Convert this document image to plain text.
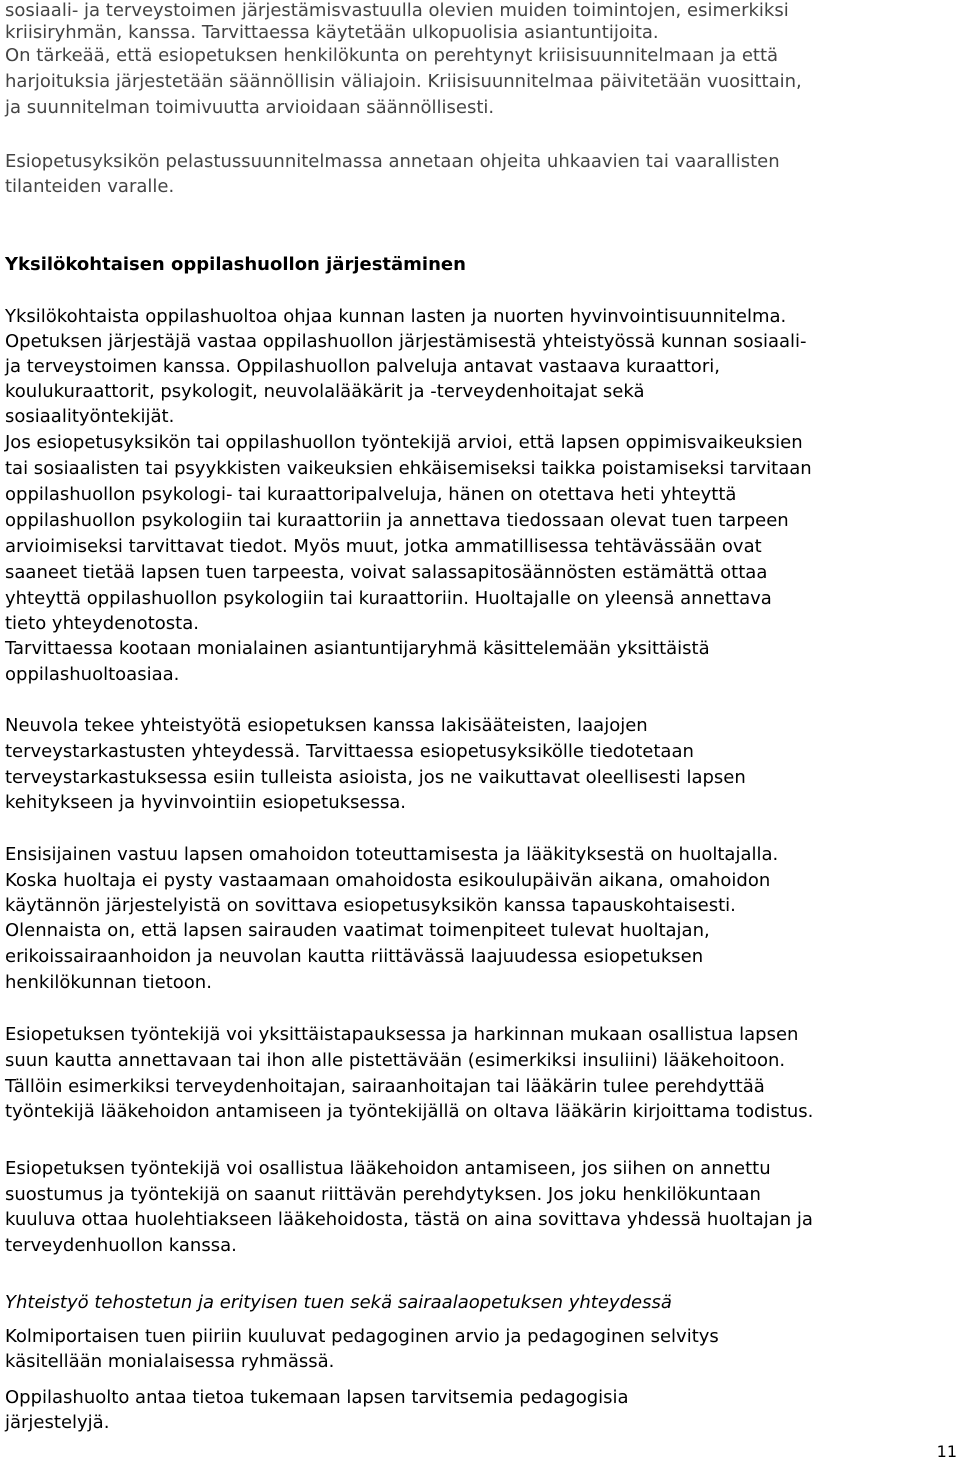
sosiaali- ja terveystoimen järjestämisvastuulla olevien muiden toimintojen, esimerkiksi

kriisiryhmän, kanssa. Tarvittaessa käytetään ulkopuolisia asiantuntijoita.

On tärkeää, että esiopetuksen henkilökunta on perehtynyt kriisisuunnitelmaan ja että

harjoituksia järjestetään säännöllisin väliajoin. Kriisisuunnitelmaa päivitetään vuosittain,

ja suunnitelman toimivuutta arvioidaan säännöllisesti.

Esiopetusyksikön pelastussuunnitelmassa annetaan ohjeita uhkaavien tai vaarallisten

tilanteiden varalle.

Yksilökohtaisen oppilashuollon järjestäminen

Yksilökohtaista oppilashuoltoa ohjaa kunnan lasten ja nuorten hyvinvointisuunnitelma.

Opetuksen järjestäjä vastaa oppilashuollon järjestämisestä yhteistyössä kunnan sosiaali-

ja terveystoimen kanssa. Oppilashuollon palveluja antavat vastaava kuraattori,

koulukuraattorit, psykologit, neuvolalääkärit ja -terveydenhoitajat sekä

sosiaalityöntekijät.

Jos esiopetusyksikön tai oppilashuollon työntekijä arvioi, että lapsen oppimisvaikeuksien

tai sosiaalisten tai psyykkisten vaikeuksien ehkäisemiseksi taikka poistamiseksi tarvitaan

oppilashuollon psykologi- tai kuraattoripalveluja, hänen on otettava heti yhteyttä

oppilashuollon psykologiin tai kuraattoriin ja annettava tiedossaan olevat tuen tarpeen

arvioimiseksi tarvittavat tiedot. Myös muut, jotka ammatillisessa tehtävässään ovat

saaneet tietää lapsen tuen tarpeesta, voivat salassapitosäännösten estämättä ottaa

yhteyttä oppilashuollon psykologiin tai kuraattoriin. Huoltajalle on yleensä annettava

tieto yhteydenotosta.

Tarvittaessa kootaan monialainen asiantuntijaryhmä käsittelemään yksittäistä

oppilashuoltoasiaa.

Neuvola tekee yhteistyötä esiopetuksen kanssa lakisääteisten, laajojen

terveystarkastusten yhteydessä. Tarvittaessa esiopetusyksikölle tiedotetaan

terveystarkastuksessa esiin tulleista asioista, jos ne vaikuttavat oleellisesti lapsen

kehitykseen ja hyvinvointiin esiopetuksessa.

Ensisijainen vastuu lapsen omahoidon toteuttamisesta ja lääkityksestä on huoltajalla.

Koska huoltaja ei pysty vastaamaan omahoidosta esikoulupäivän aikana, omahoidon

käytännön järjestelyistä on sovittava esiopetusyksikön kanssa tapauskohtaisesti.

Olennaista on, että lapsen sairauden vaatimat toimenpiteet tulevat huoltajan,

erikoissairaanhoidon ja neuvolan kautta riittävässä laajuudessa esiopetuksen

henkilökunnan tietoon.

Esiopetuksen työntekijä voi yksittäistapauksessa ja harkinnan mukaan osallistua lapsen

suun kautta annettavaan tai ihon alle pistettävään (esimerkiksi insuliini) lääkehoitoon.

Tällöin esimerkiksi terveydenhoitajan, sairaanhoitajan tai lääkärin tulee perehdyttää

työntekijä lääkehoidon antamiseen ja työntekijällä on oltava lääkärin kirjoittama todistus.

Esiopetuksen työntekijä voi osallistua lääkehoidon antamiseen, jos siihen on annettu

suostumus ja työntekijä on saanut riittävän perehdytyksen. Jos joku henkilökuntaan

kuuluva ottaa huolehtiakseen lääkehoidosta, tästä on aina sovittava yhdessä huoltajan ja

terveydenhuollon kanssa.

Yhteistyö tehostetun ja erityisen tuen sekä sairaalaopetuksen yhteydessä

Kolmiportaisen tuen piiriin kuuluvat pedagoginen arvio ja pedagoginen selvitys

käsitellään monialaisessa ryhmässä.

Oppilashuolto antaa tietoa tukemaan lapsen tarvitsemia pedagogisia

järjestelyjä.

11
